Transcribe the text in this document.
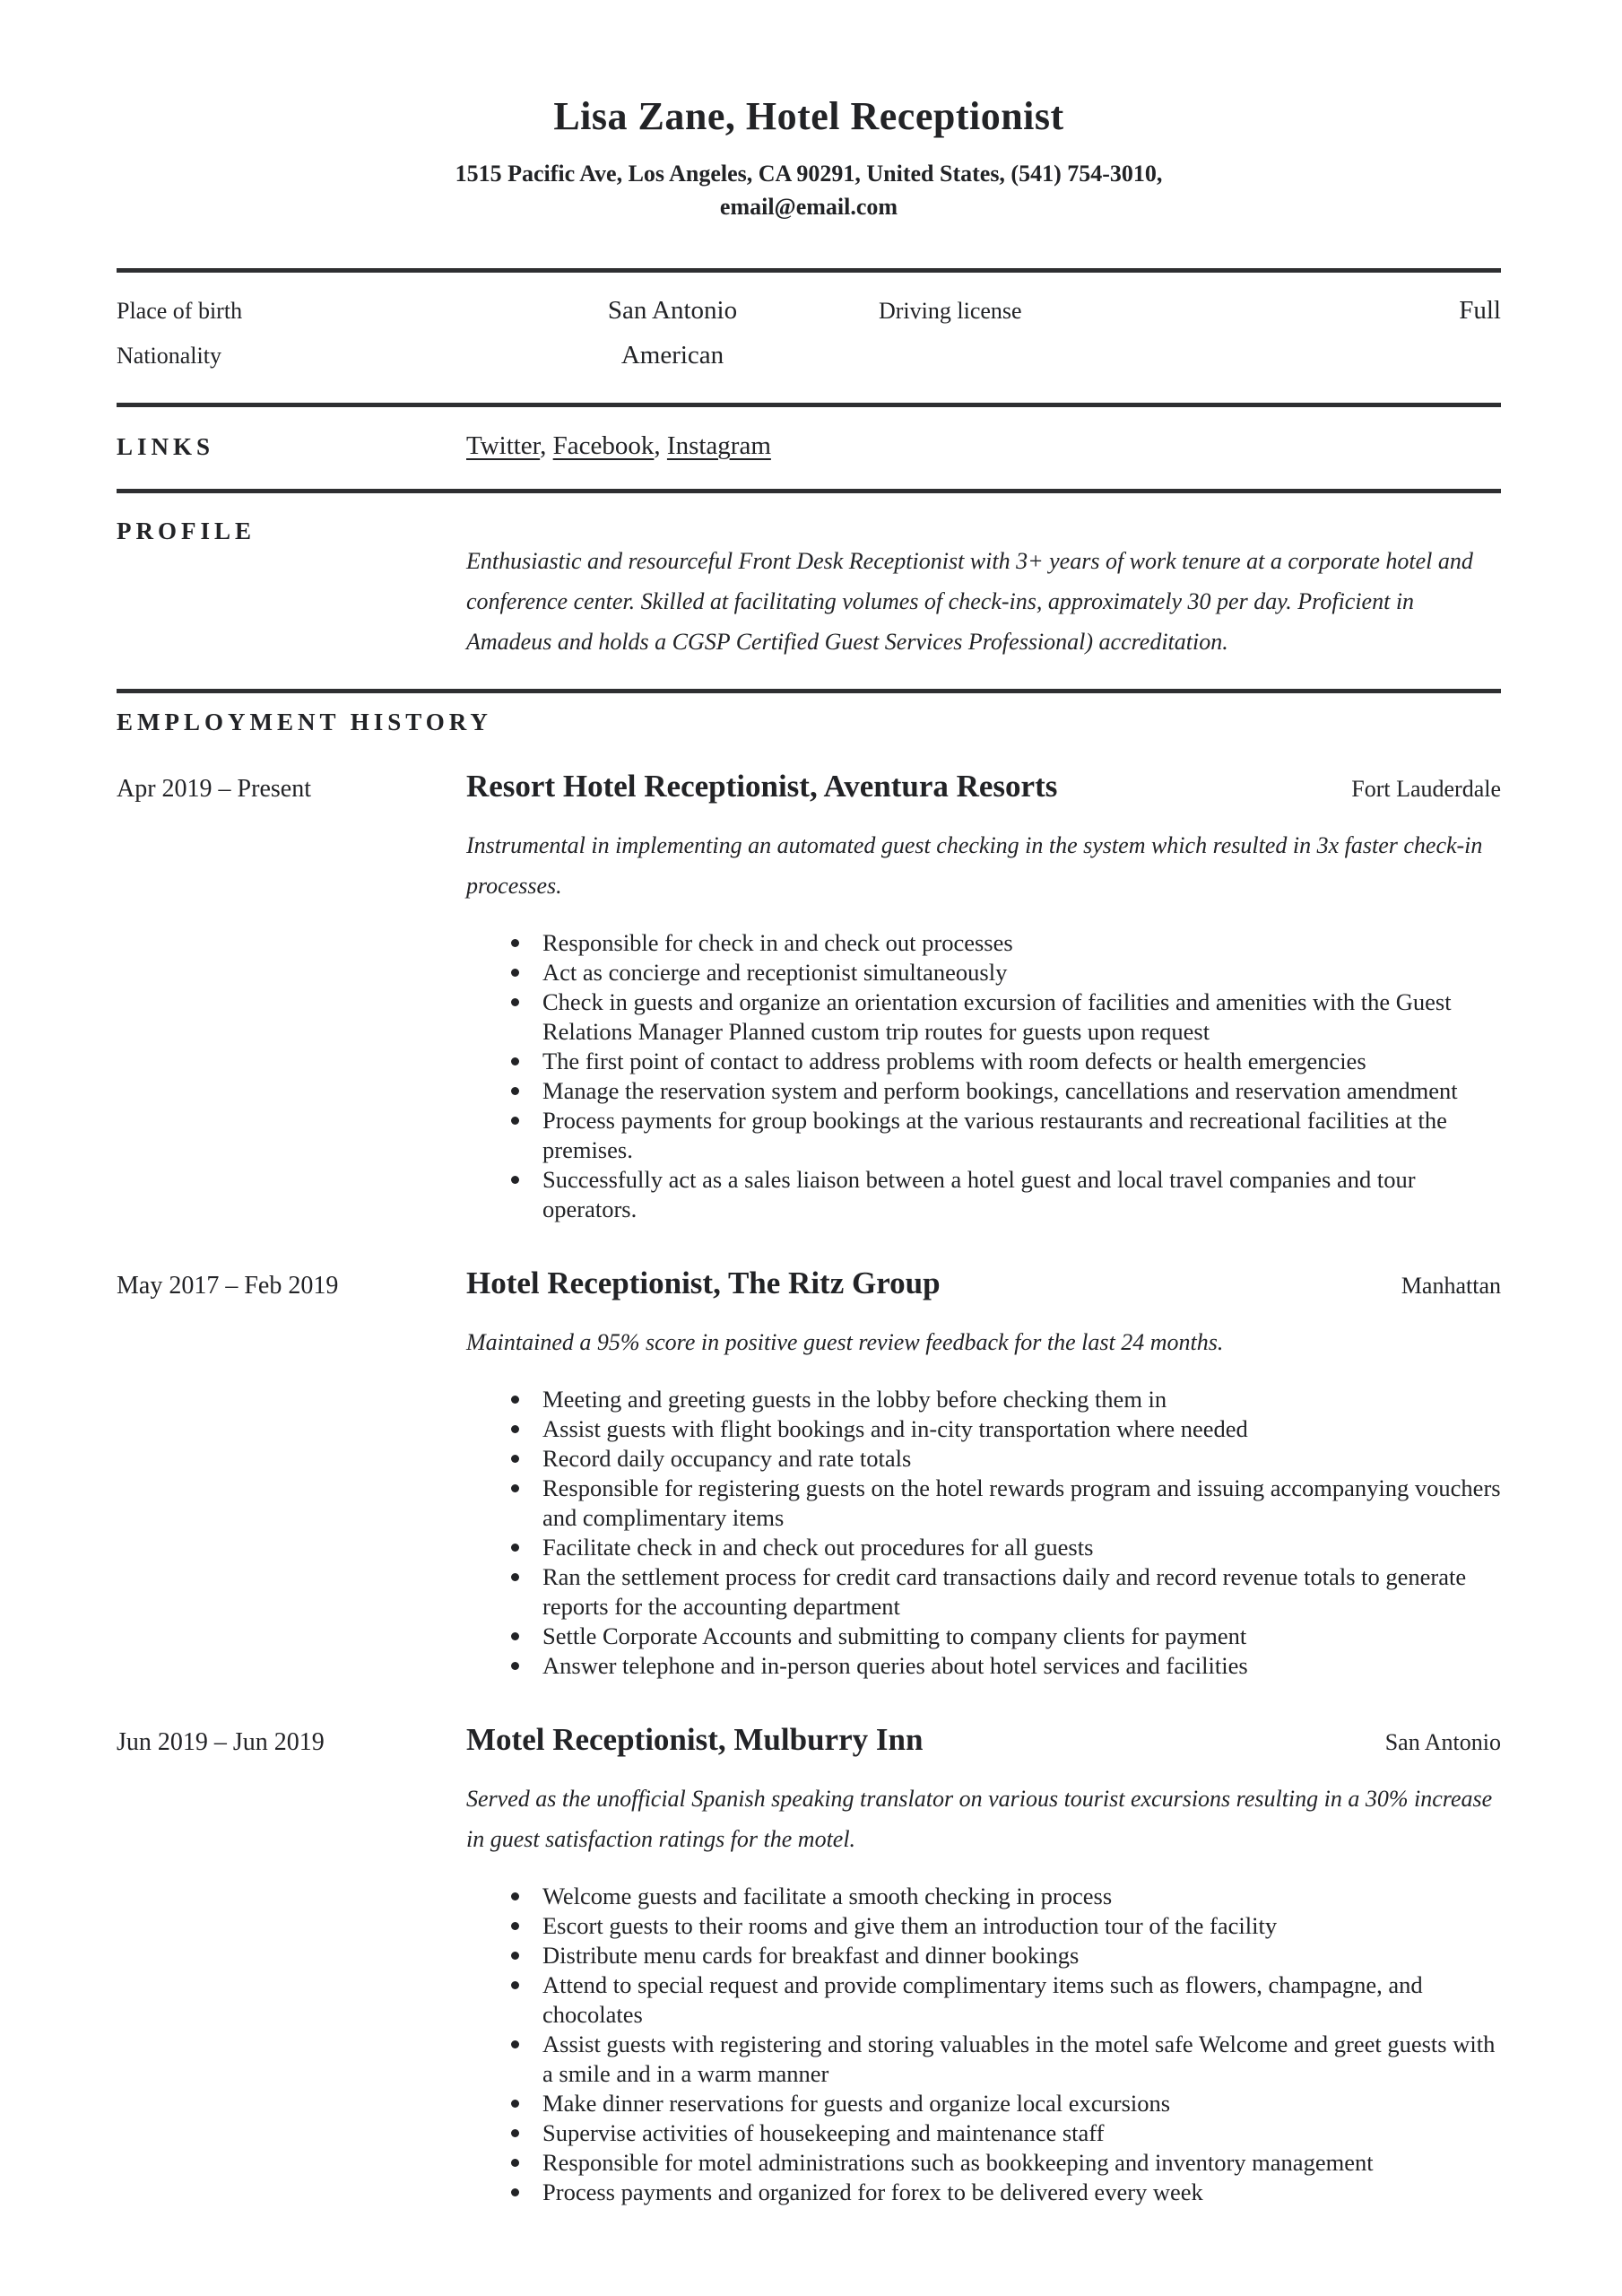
Lisa Zane, Hotel Receptionist

1515 Pacific Ave, Los Angeles, CA 90291, United States, (541) 754-3010,
email@email.com

Place of birth	San Antonio	Driving license	Full
Nationality	American
LINKS	Twitter, Facebook, Instagram
PROFILE

Enthusiastic and resourceful Front Desk Receptionist with 3+ years of work tenure at a corporate hotel and conference center. Skilled at facilitating volumes of check-ins, approximately 30 per day. Proficient in Amadeus and holds a CGSP Certified Guest Services Professional) accreditation.

EMPLOYMENT HISTORY
Apr 2019 – Present	Resort Hotel Receptionist, Aventura Resorts	Fort Lauderdale

Instrumental in implementing an automated guest checking in the system which resulted in 3x faster check-in processes.

Responsible for check in and check out processes
Act as concierge and receptionist simultaneously
Check in guests and organize an orientation excursion of facilities and amenities with the Guest Relations Manager Planned custom trip routes for guests upon request
The first point of contact to address problems with room defects or health emergencies
Manage the reservation system and perform bookings, cancellations and reservation amendment
Process payments for group bookings at the various restaurants and recreational facilities at the premises.
Successfully act as a sales liaison between a hotel guest and local travel companies and tour operators.
May 2017 – Feb 2019	Hotel Receptionist, The Ritz Group	Manhattan

Maintained a 95% score in positive guest review feedback for the last 24 months.

Meeting and greeting guests in the lobby before checking them in
Assist guests with flight bookings and in-city transportation where needed
Record daily occupancy and rate totals
Responsible for registering guests on the hotel rewards program and issuing accompanying vouchers and complimentary items
Facilitate check in and check out procedures for all guests
Ran the settlement process for credit card transactions daily and record revenue totals to generate reports for the accounting department
Settle Corporate Accounts and submitting to company clients for payment
Answer telephone and in-person queries about hotel services and facilities
Jun 2019 – Jun 2019	Motel Receptionist, Mulburry Inn	San Antonio

Served as the unofficial Spanish speaking translator on various tourist excursions resulting in a 30% increase in guest satisfaction ratings for the motel.

Welcome guests and facilitate a smooth checking in process
Escort guests to their rooms and give them an introduction tour of the facility
Distribute menu cards for breakfast and dinner bookings
Attend to special request and provide complimentary items such as flowers, champagne, and chocolates
Assist guests with registering and storing valuables in the motel safe Welcome and greet guests with a smile and in a warm manner
Make dinner reservations for guests and organize local excursions
Supervise activities of housekeeping and maintenance staff
Responsible for motel administrations such as bookkeeping and inventory management
Process payments and organized for forex to be delivered every week
